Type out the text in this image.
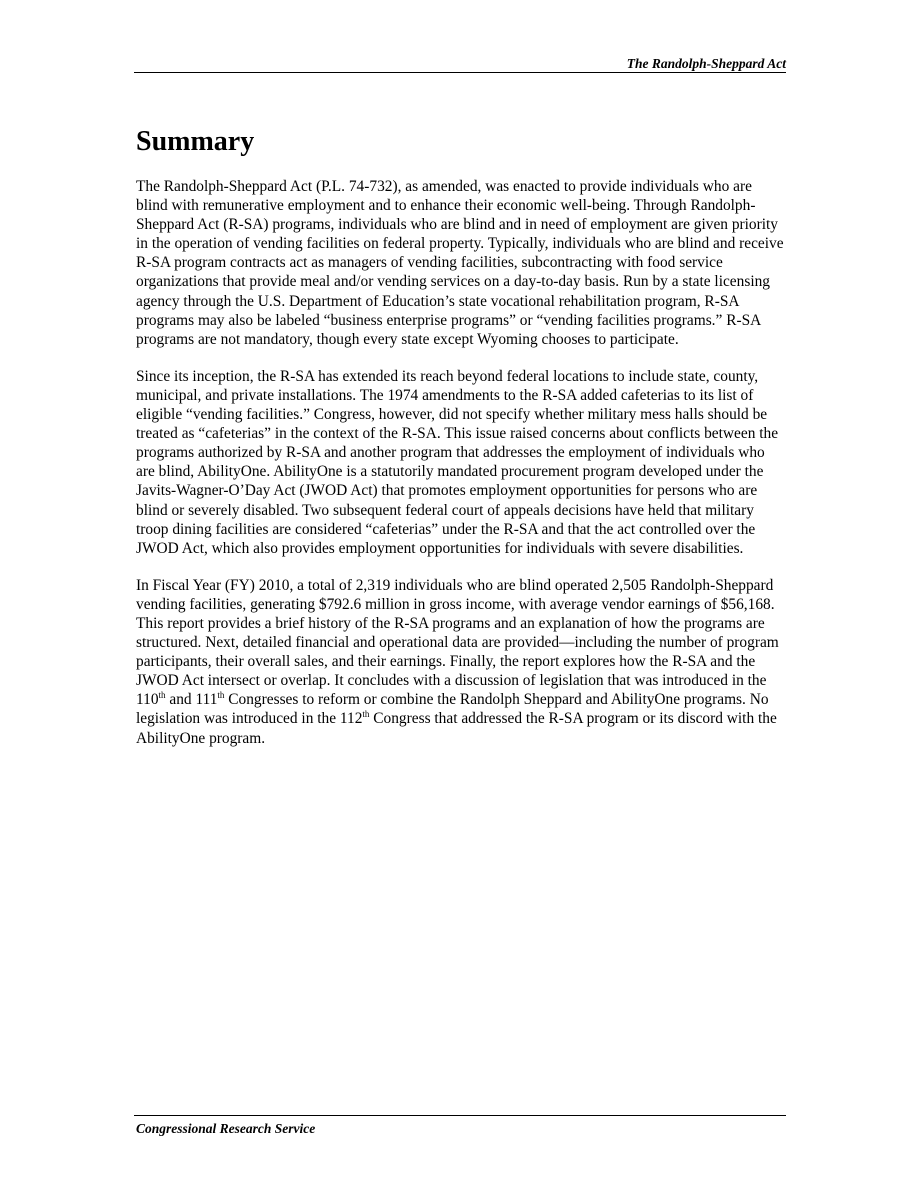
The Randolph-Sheppard Act
Summary

The Randolph-Sheppard Act (P.L. 74-732), as amended, was enacted to provide individuals who are blind with remunerative employment and to enhance their economic well-being. Through Randolph-Sheppard Act (R-SA) programs, individuals who are blind and in need of employment are given priority in the operation of vending facilities on federal property. Typically, individuals who are blind and receive R-SA program contracts act as managers of vending facilities, subcontracting with food service organizations that provide meal and/or vending services on a day-to-day basis. Run by a state licensing agency through the U.S. Department of Education’s state vocational rehabilitation program, R-SA programs may also be labeled “business enterprise programs” or “vending facilities programs.” R-SA programs are not mandatory, though every state except Wyoming chooses to participate.

Since its inception, the R-SA has extended its reach beyond federal locations to include state, county, municipal, and private installations. The 1974 amendments to the R-SA added cafeterias to its list of eligible “vending facilities.” Congress, however, did not specify whether military mess halls should be treated as “cafeterias” in the context of the R-SA. This issue raised concerns about conflicts between the programs authorized by R-SA and another program that addresses the employment of individuals who are blind, AbilityOne. AbilityOne is a statutorily mandated procurement program developed under the Javits-Wagner-O’Day Act (JWOD Act) that promotes employment opportunities for persons who are blind or severely disabled. Two subsequent federal court of appeals decisions have held that military troop dining facilities are considered “cafeterias” under the R-SA and that the act controlled over the JWOD Act, which also provides employment opportunities for individuals with severe disabilities.

In Fiscal Year (FY) 2010, a total of 2,319 individuals who are blind operated 2,505 Randolph-Sheppard vending facilities, generating $792.6 million in gross income, with average vendor earnings of $56,168. This report provides a brief history of the R-SA programs and an explanation of how the programs are structured. Next, detailed financial and operational data are provided—including the number of program participants, their overall sales, and their earnings. Finally, the report explores how the R-SA and the JWOD Act intersect or overlap. It concludes with a discussion of legislation that was introduced in the 110th and 111th Congresses to reform or combine the Randolph Sheppard and AbilityOne programs. No legislation was introduced in the 112th Congress that addressed the R-SA program or its discord with the AbilityOne program.

Congressional Research Service
